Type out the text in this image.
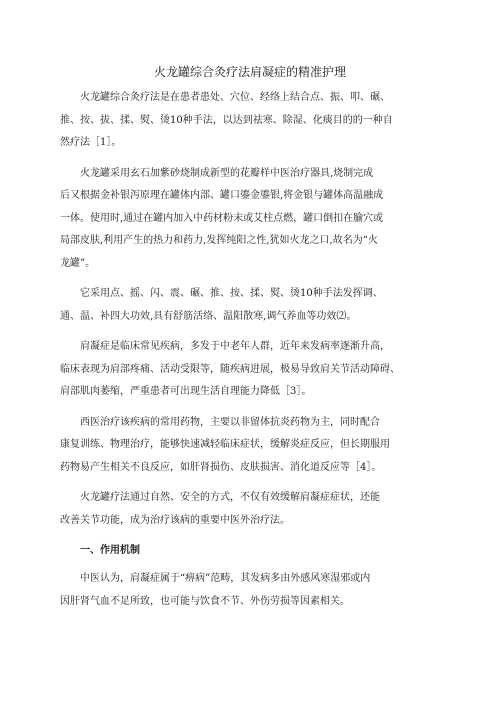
火龙罐综合灸疗法肩凝症的精准护理
火龙罐综合灸疗法是在患者患处、穴位、经络上结合点、振、叩、碾、
推、按、拔、揉、熨、烫10种手法，以达到祛寒、除湿、化痰目的的一种自
然疗法［1］。
火龙罐采用玄石加紫砂烧制成新型的花瓣样中医治疗器具,烧制完成
后又根据金补银泻原理在罐体内部、罐口鎏金鎏银,将金银与罐体高温融成
一体。使用时,通过在罐内加入中药材粉末或艾柱点燃，罐口倒扣在腧穴或
局部皮肤,利用产生的热力和药力,发挥纯阳之性,犹如火龙之口,故名为“火
龙罐”。
它采用点、摇、闪、震、碾、推、按、揉、熨、烫10种手法发挥调、
通、温、补四大功效,具有舒筋活络、温阳散寒,调气养血等功效⑵。
肩凝症是临床常见疾病，多发于中老年人群，近年来发病率逐渐升高，
临床表现为肩部疼痛、活动受限等，随疾病进展，极易导致肩关节活动障碍、
肩部肌肉萎缩，严重患者可出现生活自理能力降低［3］。
西医治疗该疾病的常用药物，主要以非留体抗炎药物为主，同时配合
康复训练、物理治疗，能够快速减轻临床症状，缓解炎症反应，但长期服用
药物易产生相关不良反应，如肝肾损伤、皮肤损害、消化道反应等［4］。
火龙罐疗法通过自然、安全的方式，不仅有效缓解肩凝症症状，还能
改善关节功能，成为治疗该病的重要中医外治疗法。
一、作用机制
中医认为，肩凝症属于“痹病”范畴，其发病多由外感风寒湿邪或内
因肝肾气血不足所致，也可能与饮食不节、外伤劳损等因素相关。
